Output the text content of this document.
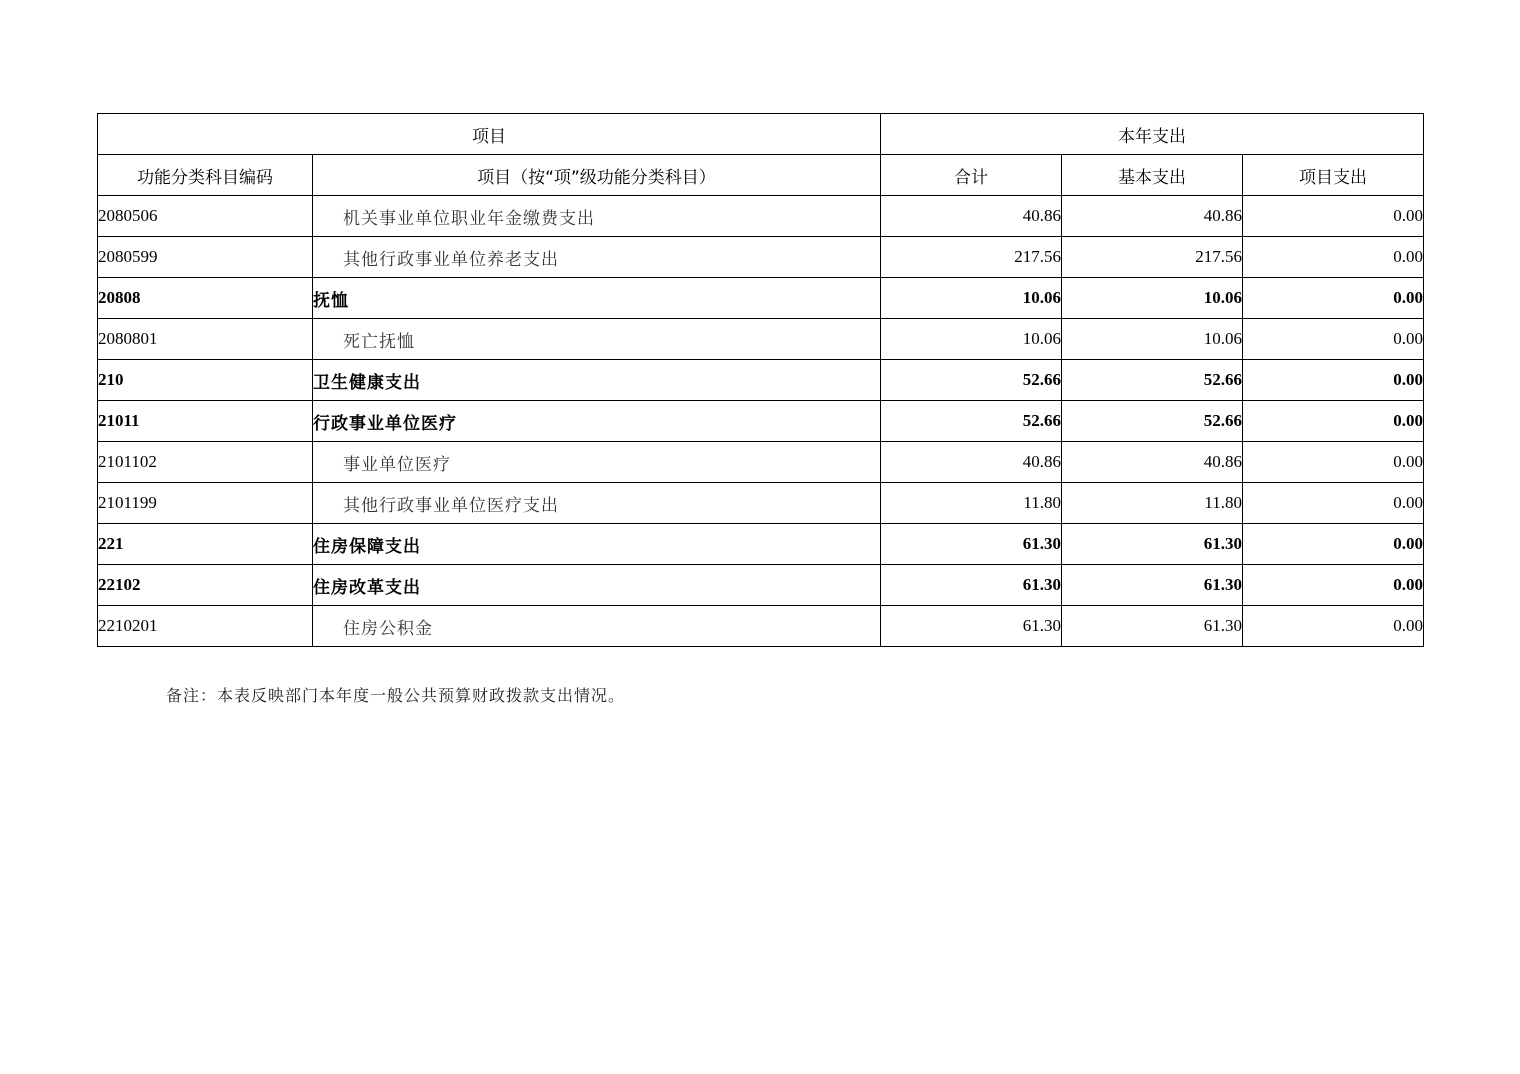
项目		本年支出		
功能分类科目编码	项目（按“项”级功能分类科目）	合计	基本支出	项目支出
2080506	机关事业单位职业年金缴费支出	40.86	40.86	0.00
2080599	其他行政事业单位养老支出	217.56	217.56	0.00
20808	抚恤	10.06	10.06	0.00
2080801	死亡抚恤	10.06	10.06	0.00
210	卫生健康支出	52.66	52.66	0.00
21011	行政事业单位医疗	52.66	52.66	0.00
2101102	事业单位医疗	40.86	40.86	0.00
2101199	其他行政事业单位医疗支出	11.80	11.80	0.00
221	住房保障支出	61.30	61.30	0.00
22102	住房改革支出	61.30	61.30	0.00
2210201	住房公积金	61.30	61.30	0.00
备注：本表反映部门本年度一般公共预算财政拨款支出情况。
